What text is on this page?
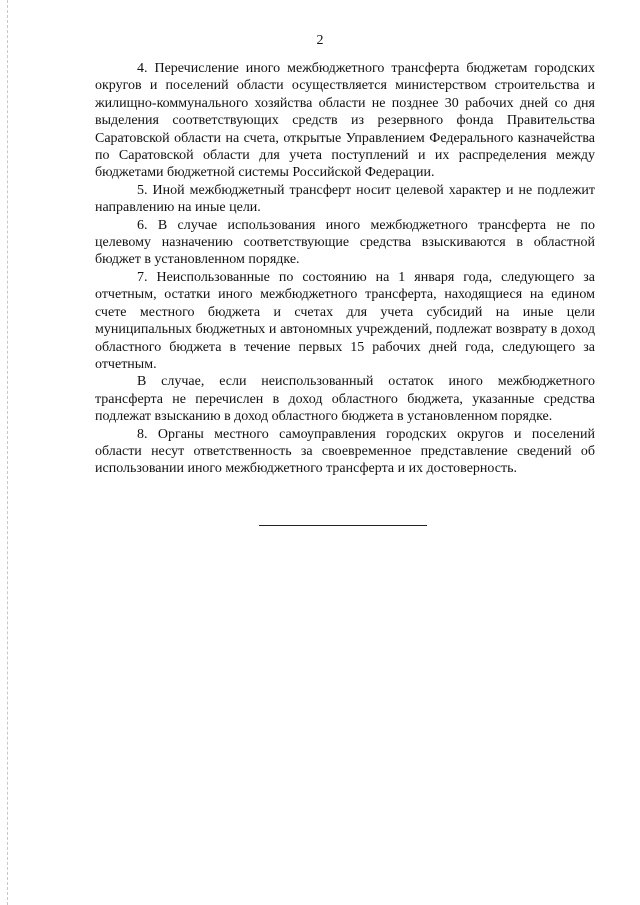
2

4. Перечисление иного межбюджетного трансферта бюджетам городских округов и поселений области осуществляется министерством строительства и жилищно-коммунального хозяйства области не позднее 30 рабочих дней со дня выделения соответствующих средств из резервного фонда Правительства Саратовской области на счета, открытые Управлением Федерального казначейства по Саратовской области для учета поступлений и их распределения между бюджетами бюджетной системы Российской Федерации.

5. Иной межбюджетный трансферт носит целевой характер и не подлежит направлению на иные цели.

6. В случае использования иного межбюджетного трансферта не по целевому назначению соответствующие средства взыскиваются в областной бюджет в установленном порядке.

7. Неиспользованные по состоянию на 1 января года, следующего за отчетным, остатки иного межбюджетного трансферта, находящиеся на едином счете местного бюджета и счетах для учета субсидий на иные цели муниципальных бюджетных и автономных учреждений, подлежат возврату в доход областного бюджета в течение первых 15 рабочих дней года, следующего за отчетным.

В случае, если неиспользованный остаток иного межбюджетного трансферта не перечислен в доход областного бюджета, указанные средства подлежат взысканию в доход областного бюджета в установленном порядке.

8. Органы местного самоуправления городских округов и поселений области несут ответственность за своевременное представление сведений об использовании иного межбюджетного трансферта и их достоверность.
